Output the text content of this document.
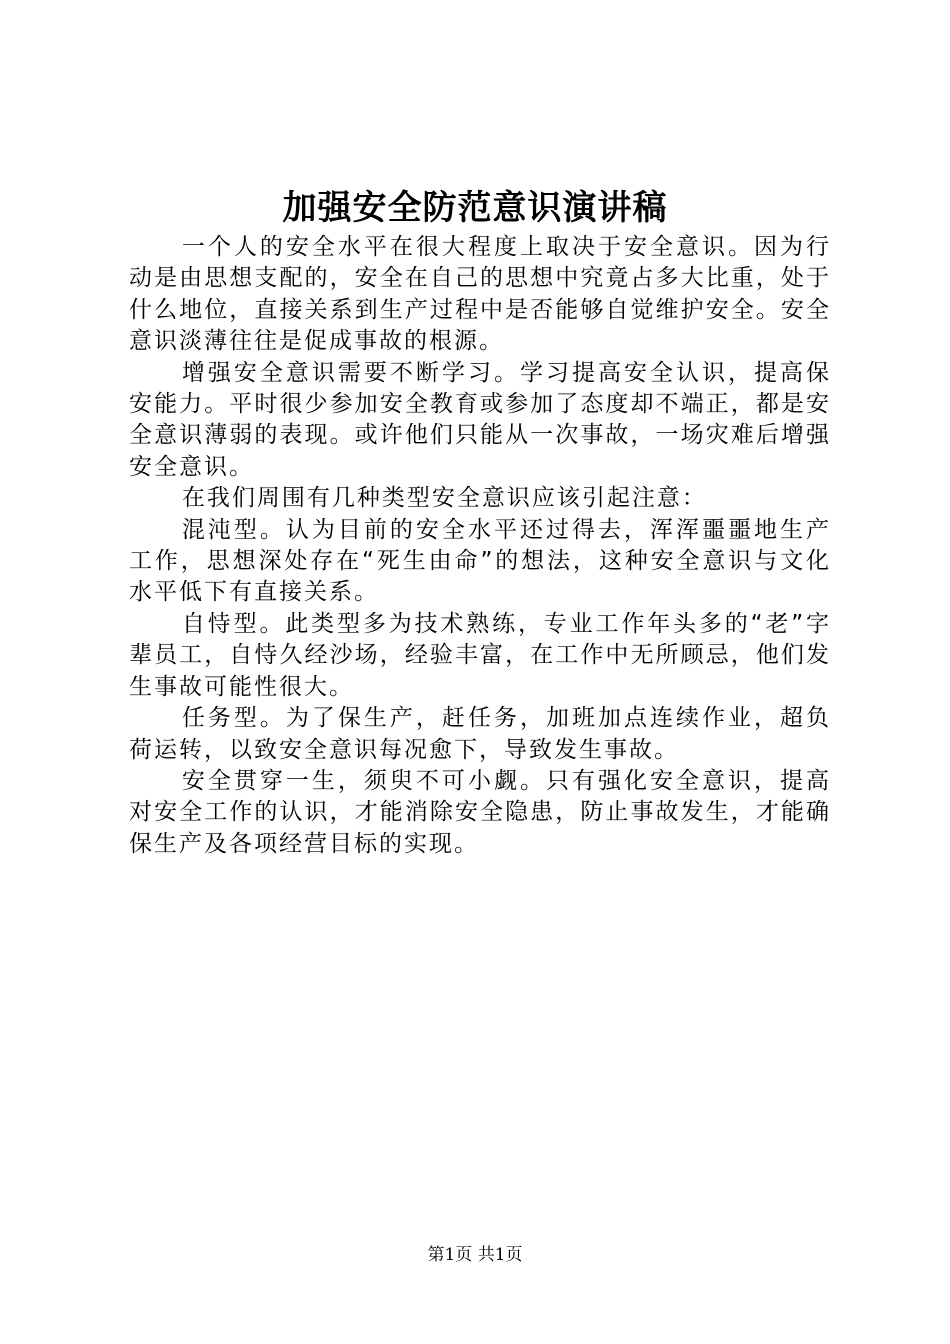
加强安全防范意识演讲稿

一个人的安全水平在很大程度上取决于安全意识。因为行动是由思想支配的，安全在自己的思想中究竟占多大比重，处于什么地位，直接关系到生产过程中是否能够自觉维护安全。安全意识淡薄往往是促成事故的根源。

增强安全意识需要不断学习。学习提高安全认识，提高保安能力。平时很少参加安全教育或参加了态度却不端正，都是安全意识薄弱的表现。或许他们只能从一次事故，一场灾难后增强安全意识。

在我们周围有几种类型安全意识应该引起注意：

混沌型。认为目前的安全水平还过得去，浑浑噩噩地生产工作，思想深处存在“死生由命”的想法，这种安全意识与文化水平低下有直接关系。

自恃型。此类型多为技术熟练，专业工作年头多的“老”字辈员工，自恃久经沙场，经验丰富，在工作中无所顾忌，他们发生事故可能性很大。

任务型。为了保生产，赶任务，加班加点连续作业，超负荷运转，以致安全意识每况愈下，导致发生事故。

安全贯穿一生，须臾不可小觑。只有强化安全意识，提高对安全工作的认识，才能消除安全隐患，防止事故发生，才能确保生产及各项经营目标的实现。

第1页 共1页
